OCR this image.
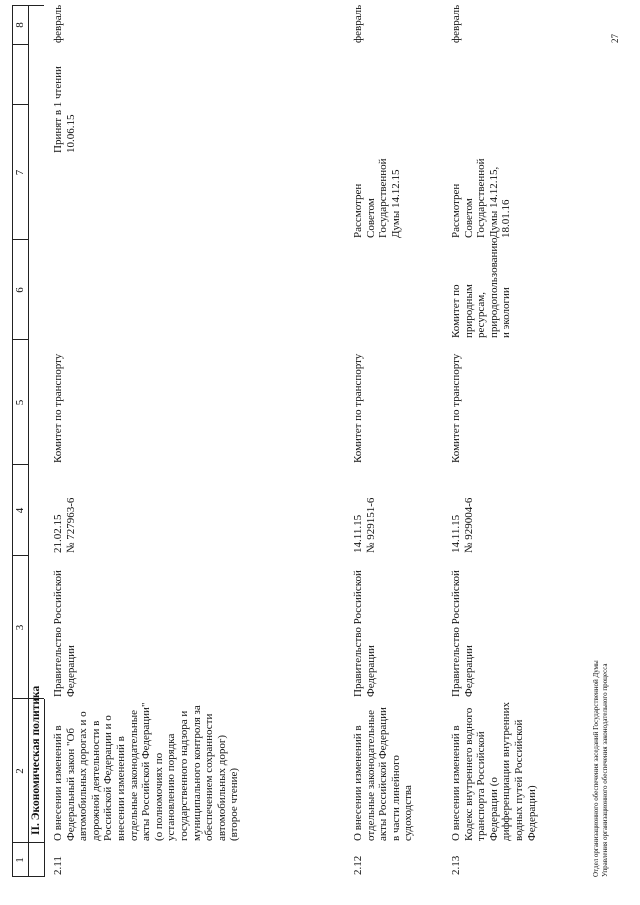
1
2
3
4
5
6
7
8
II. Экономическая политика
2.11
О внесении изменений в Федеральный закон "Об автомобильных дорогах и о дорожной деятельности в Российской Федерации и о внесении изменений в отдельные законодательные акты Российской Федерации" (о полномочиях по установлению порядка государственного надзора и муниципального контроля за обеспечением сохранности автомобильных дорог) (второе чтение)
Правительство Российской Федерации
21.02.15
№ 727963-6
Комитет по транспорту
Принят в 1 чтении 10.06.15
февраль
2.12
О внесении изменений в отдельные законодательные акты Российской Федерации в части линейного судоходства
Правительство Российской Федерации
14.11.15
№ 929151-6
Комитет по транспорту
Рассмотрен Советом Государственной Думы 14.12.15
февраль
2.13
О внесении изменений в Кодекс внутреннего водного транспорта Российской Федерации (о дифференциации внутренних водных путей Российской Федерации)
Правительство Российской Федерации
14.11.15
№ 929004-6
Комитет по транспорту
Комитет по природным ресурсам, природопользованию и экологии
Рассмотрен Советом Государственной Думы 14.12.15, 18.01.16
февраль
Отдел организационного обеспечения заседаний Государственной Думы
Управления организационного обеспечения законодательного процесса
27
